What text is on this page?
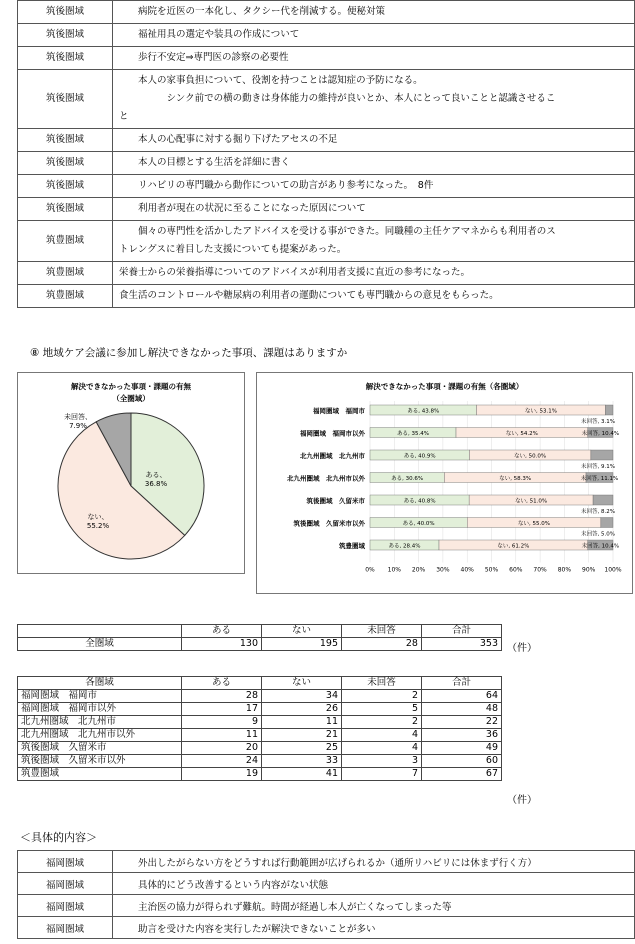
筑後圏域	病院を近医の一本化し、タクシー代を削減する。便秘対策
筑後圏域	福祉用具の選定や装具の作成について
筑後圏域	歩行不安定⇒専門医の診察の必要性
筑後圏域	本人の家事負担について、役割を持つことは認知症の予防になる。
シンク前での横の動きは身体能力の維持が良いとか、本人にとって良いことと認識させるこ
と

筑後圏域	本人の心配事に対する掘り下げたアセスの不足
筑後圏域	本人の目標とする生活を詳細に書く
筑後圏域	リハビリの専門職から動作についての助言があり参考になった。　8件
筑後圏域	利用者が現在の状況に至ることになった原因について
筑豊圏域	個々の専門性を活かしたアドバイスを受ける事ができた。同職種の主任ケアマネからも利用者のス
トレングスに着目した支援についても提案があった。

筑豊圏域	栄養士からの栄養指導についてのアドバイスが利用者支援に直近の参考になった。
筑豊圏域	食生活のコントロールや糖尿病の利用者の運動についても専門職からの意見をもらった。
⑧ 地域ケア会議に参加し解決できなかった事項、課題はありますか
解決できなかった事項・課題の有無
（全圏域）
ある、
36.8%
ない、
55.2%
未回答、
7.9%
解決できなかった事項・課題の有無（各圏域）
福岡圏域　福岡市	ある, 43.8%	ない, 53.1%
未回答, 3.1%
福岡圏域　福岡市以外	ある, 35.4%	ない, 54.2%	未回答, 10.4%
北九州圏域　北九州市	ある, 40.9%	ない, 50.0%
未回答, 9.1%
北九州圏域　北九州市以外	ある, 30.6%	ない, 58.3%	未回答, 11.1%
筑後圏域　久留米市	ある, 40.8%	ない, 51.0%
未回答, 8.2%
筑後圏域　久留米市以外	ある, 40.0%	ない, 55.0%
未回答, 5.0%
筑豊圏域	ある, 28.4%	ない, 61.2%	未回答, 10.4%
0% 10% 20% 30% 40% 50% 60% 70% 80% 90% 100%
	ある	ない	未回答	合計
全圏域	130	195	28	353 （件）
各圏域	ある	ない	未回答	合計
福岡圏域　福岡市	28	34	2	64
福岡圏域　福岡市以外	17	26	5	48
北九州圏域　北九州市	9	11	2	22
北九州圏域　北九州市以外	11	21	4	36
筑後圏域　久留米市	20	25	4	49
筑後圏域　久留米市以外	24	33	3	60
筑豊圏域	19	41	7	67
（件）
＜具体的内容＞
福岡圏域	外出したがらない方をどうすれば行動範囲が広げられるか（通所リハビリには休まず行く方）
福岡圏域	具体的にどう改善するという内容がない状態
福岡圏域	主治医の協力が得られず難航。時間が経過し本人が亡くなってしまった等
福岡圏域	助言を受けた内容を実行したが解決できないことが多い
